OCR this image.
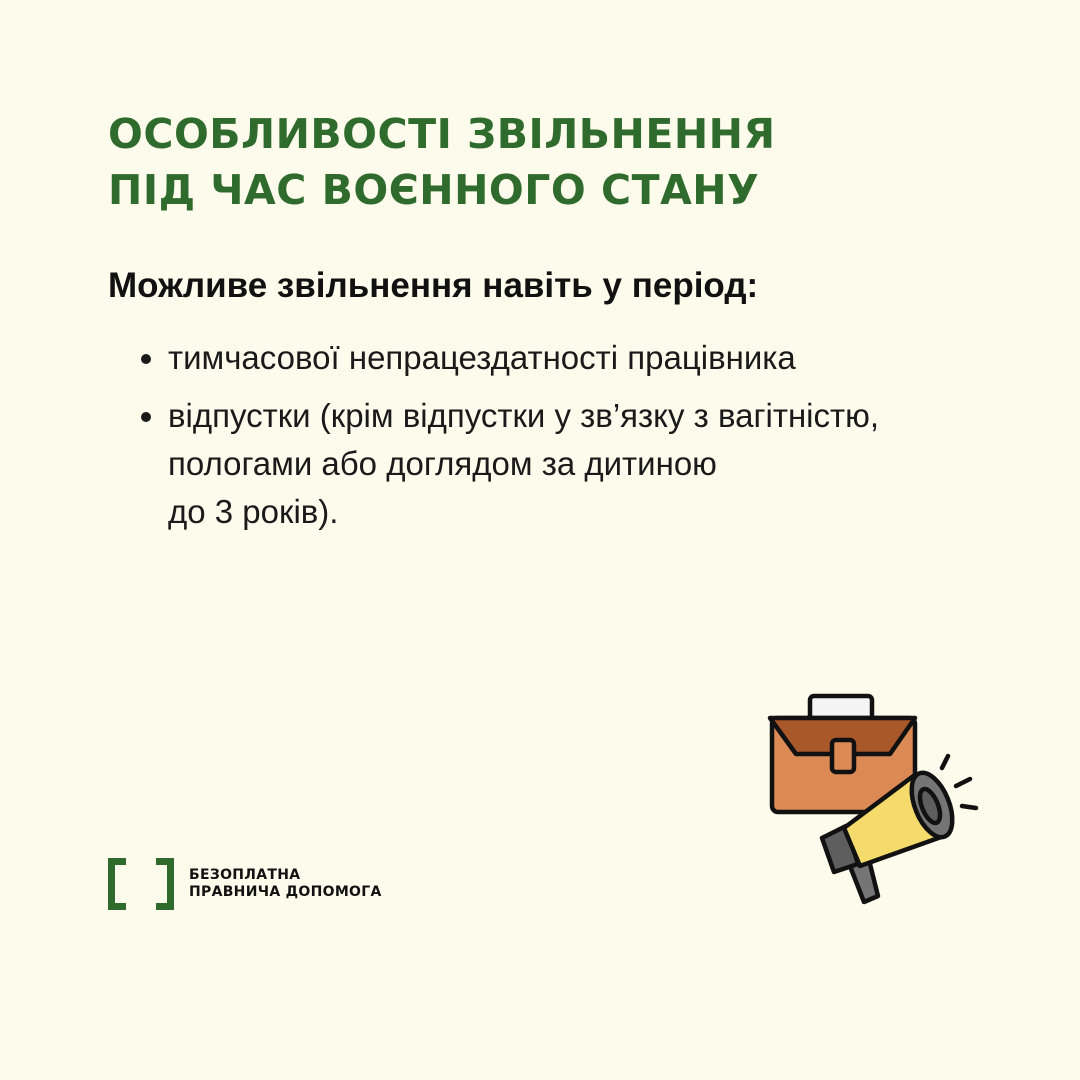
ОСОБЛИВОСТІ ЗВІЛЬНЕННЯ
ПІД ЧАС ВОЄННОГО СТАНУ

Можливе звільнення навіть у період:

тимчасової непрацездатності працівника
відпустки (крім відпустки у зв’язку з вагітністю,
пологами або доглядом за дитиною
до 3 років).
БЕЗОПЛАТНА
ПРАВНИЧА ДОПОМОГА
